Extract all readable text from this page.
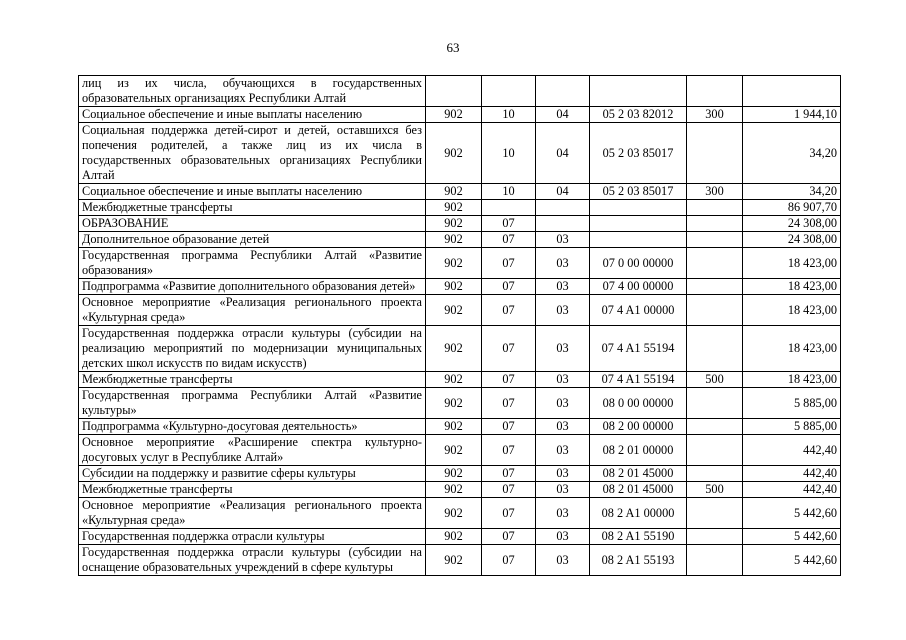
63
лиц из их числа, обучающихся в государственных образовательных организациях Республики Алтай						
Социальное обеспечение и иные выплаты населению	902	10	04	05 2 03 82012	300	1 944,10
Социальная поддержка детей-сирот и детей, оставшихся без попечения родителей, а также лиц из их числа в государственных образовательных организациях Республики Алтай	902	10	04	05 2 03 85017		34,20
Социальное обеспечение и иные выплаты населению	902	10	04	05 2 03 85017	300	34,20
Межбюджетные трансферты	902					86 907,70
ОБРАЗОВАНИЕ	902	07				24 308,00
Дополнительное образование детей	902	07	03			24 308,00
Государственная программа Республики Алтай «Развитие образования»	902	07	03	07 0 00 00000		18 423,00
Подпрограмма «Развитие дополнительного образования детей»	902	07	03	07 4 00 00000		18 423,00
Основное мероприятие «Реализация регионального проекта «Культурная среда»	902	07	03	07 4 A1 00000		18 423,00
Государственная поддержка отрасли культуры (субсидии на реализацию мероприятий по модернизации муниципальных детских школ искусств по видам искусств)	902	07	03	07 4 A1 55194		18 423,00
Межбюджетные трансферты	902	07	03	07 4 A1 55194	500	18 423,00
Государственная программа Республики Алтай «Развитие культуры»	902	07	03	08 0 00 00000		5 885,00
Подпрограмма «Культурно-досуговая деятельность»	902	07	03	08 2 00 00000		5 885,00
Основное мероприятие «Расширение спектра культурно-досуговых услуг в Республике Алтай»	902	07	03	08 2 01 00000		442,40
Субсидии на поддержку и развитие сферы культуры	902	07	03	08 2 01 45000		442,40
Межбюджетные трансферты	902	07	03	08 2 01 45000	500	442,40
Основное мероприятие «Реализация регионального проекта «Культурная среда»	902	07	03	08 2 A1 00000		5 442,60
Государственная поддержка отрасли культуры	902	07	03	08 2 A1 55190		5 442,60
Государственная поддержка отрасли культуры (субсидии на оснащение образовательных учреждений в сфере культуры	902	07	03	08 2 A1 55193		5 442,60
